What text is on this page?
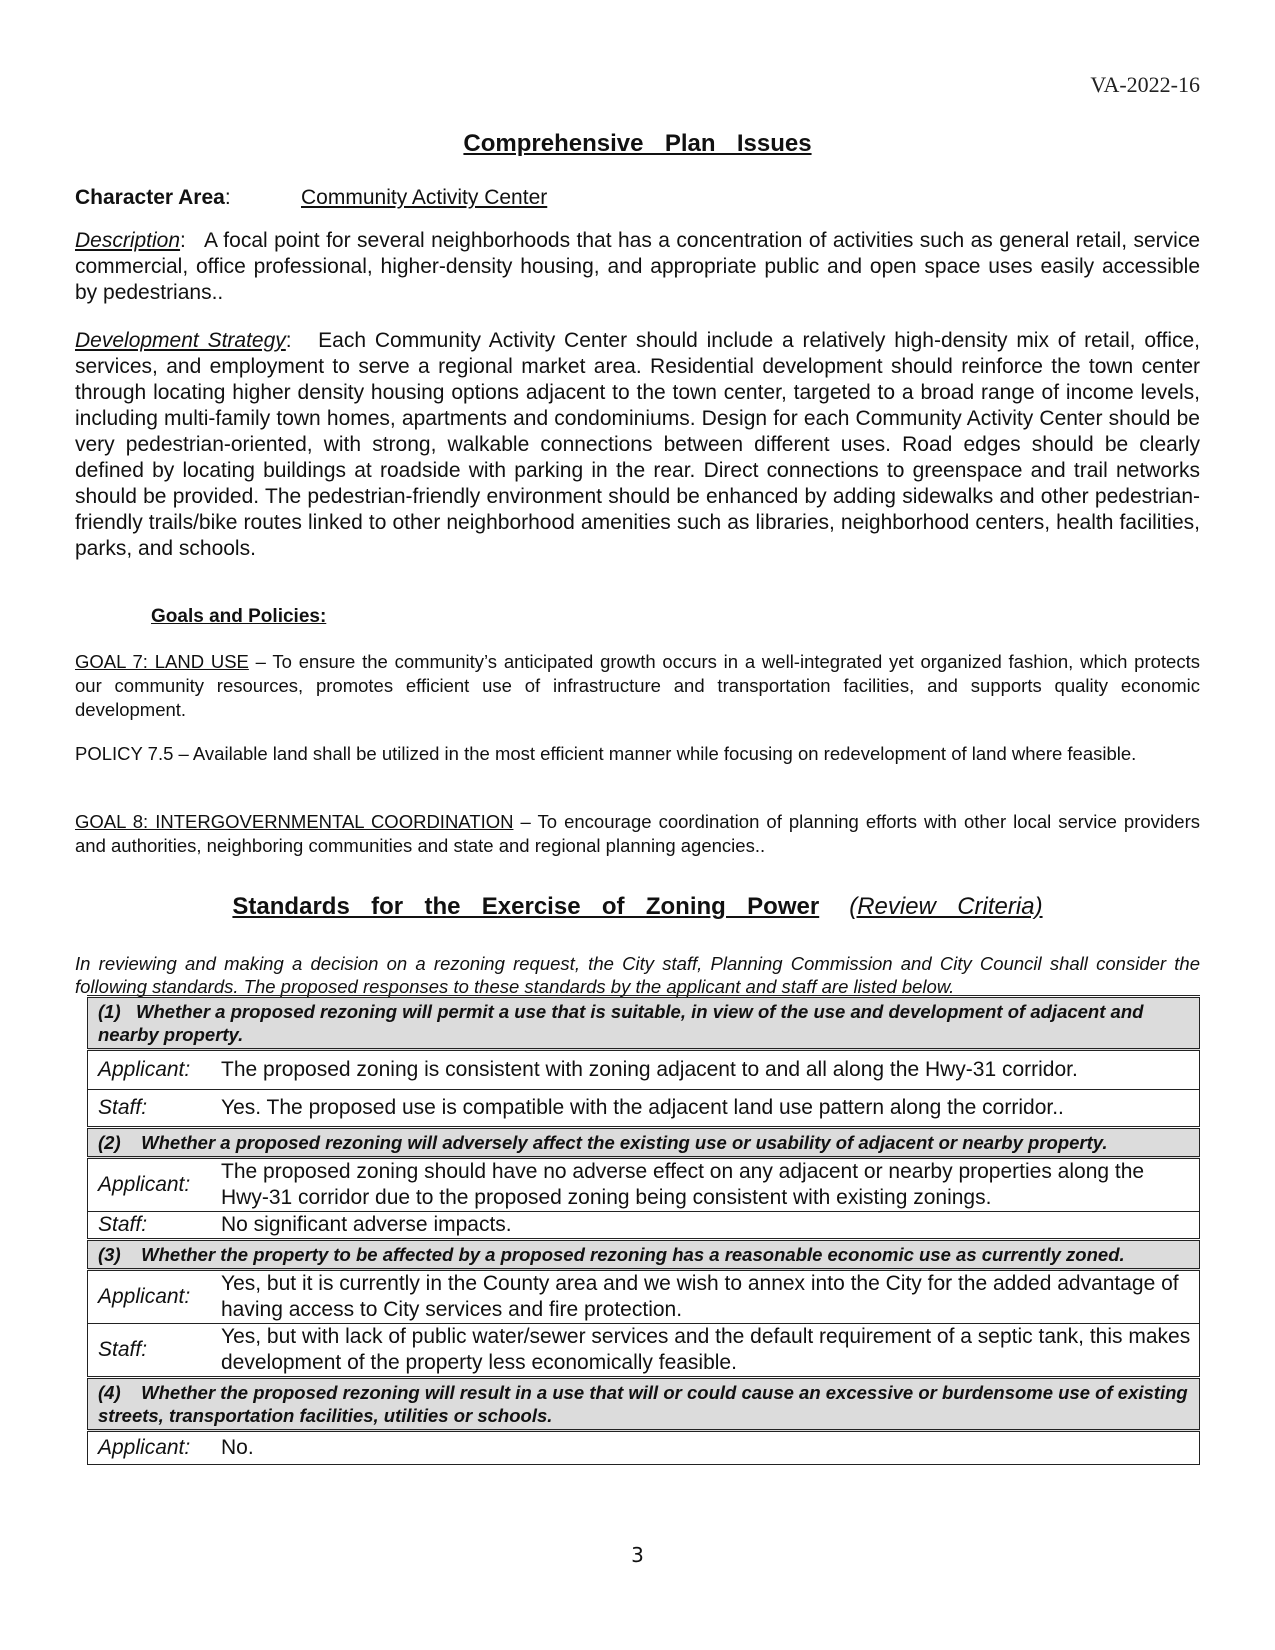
VA-2022-16
Comprehensive  Plan  Issues
Character Area:	Community Activity Center

Description:   A focal point for several neighborhoods that has a concentration of activities such as general retail, service commercial, office professional, higher-density housing, and appropriate public and open space uses easily accessible by pedestrians..

Development Strategy:   Each Community Activity Center should include a relatively high-density mix of retail, office, services, and employment to serve a regional market area. Residential development should reinforce the town center through locating higher density housing options adjacent to the town center, targeted to a broad range of income levels, including multi-family town homes, apartments and condominiums. Design for each Community Activity Center should be very pedestrian-oriented, with strong, walkable connections between different uses. Road edges should be clearly defined by locating buildings at roadside with parking in the rear. Direct connections to greenspace and trail networks should be provided. The pedestrian-friendly environment should be enhanced by adding sidewalks and other pedestrian-friendly trails/bike routes linked to other neighborhood amenities such as libraries, neighborhood centers, health facilities, parks, and schools.

Goals and Policies:

GOAL 7: LAND USE – To ensure the community’s anticipated growth occurs in a well-integrated yet organized fashion, which protects our community resources, promotes efficient use of infrastructure and transportation facilities, and supports quality economic development.

POLICY 7.5 – Available land shall be utilized in the most efficient manner while focusing on redevelopment of land where feasible.

GOAL 8: INTERGOVERNMENTAL COORDINATION – To encourage coordination of planning efforts with other local service providers and authorities, neighboring communities and state and regional planning agencies..

Standards  for  the  Exercise  of  Zoning  Power (Review  Criteria)

In reviewing and making a decision on a rezoning request, the City staff, Planning Commission and City Council shall consider the following standards. The proposed responses to these standards by the applicant and staff are listed below.

(1)   Whether a proposed rezoning will permit a use that is suitable, in view of the use and development of adjacent and nearby property.	
Applicant:	The proposed zoning is consistent with zoning adjacent to and all along the Hwy-31 corridor.
Staff:	Yes. The proposed use is compatible with the adjacent land use pattern along the corridor..
(2)    Whether a proposed rezoning will adversely affect the existing use or usability of adjacent or nearby property.	
Applicant:	The proposed zoning should have no adverse effect on any adjacent or nearby properties along the Hwy-31 corridor due to the proposed zoning being consistent with existing zonings.
Staff:	No significant adverse impacts.
(3)    Whether the property to be affected by a proposed rezoning has a reasonable economic use as currently zoned.	
Applicant:	Yes, but it is currently in the County area and we wish to annex into the City for the added advantage of having access to City services and fire protection.
Staff:	Yes, but with lack of public water/sewer services and the default requirement of a septic tank, this makes development of the property less economically feasible.
(4)    Whether the proposed rezoning will result in a use that will or could cause an excessive or burdensome use of existing streets, transportation facilities, utilities or schools.	
Applicant:	No.
3
